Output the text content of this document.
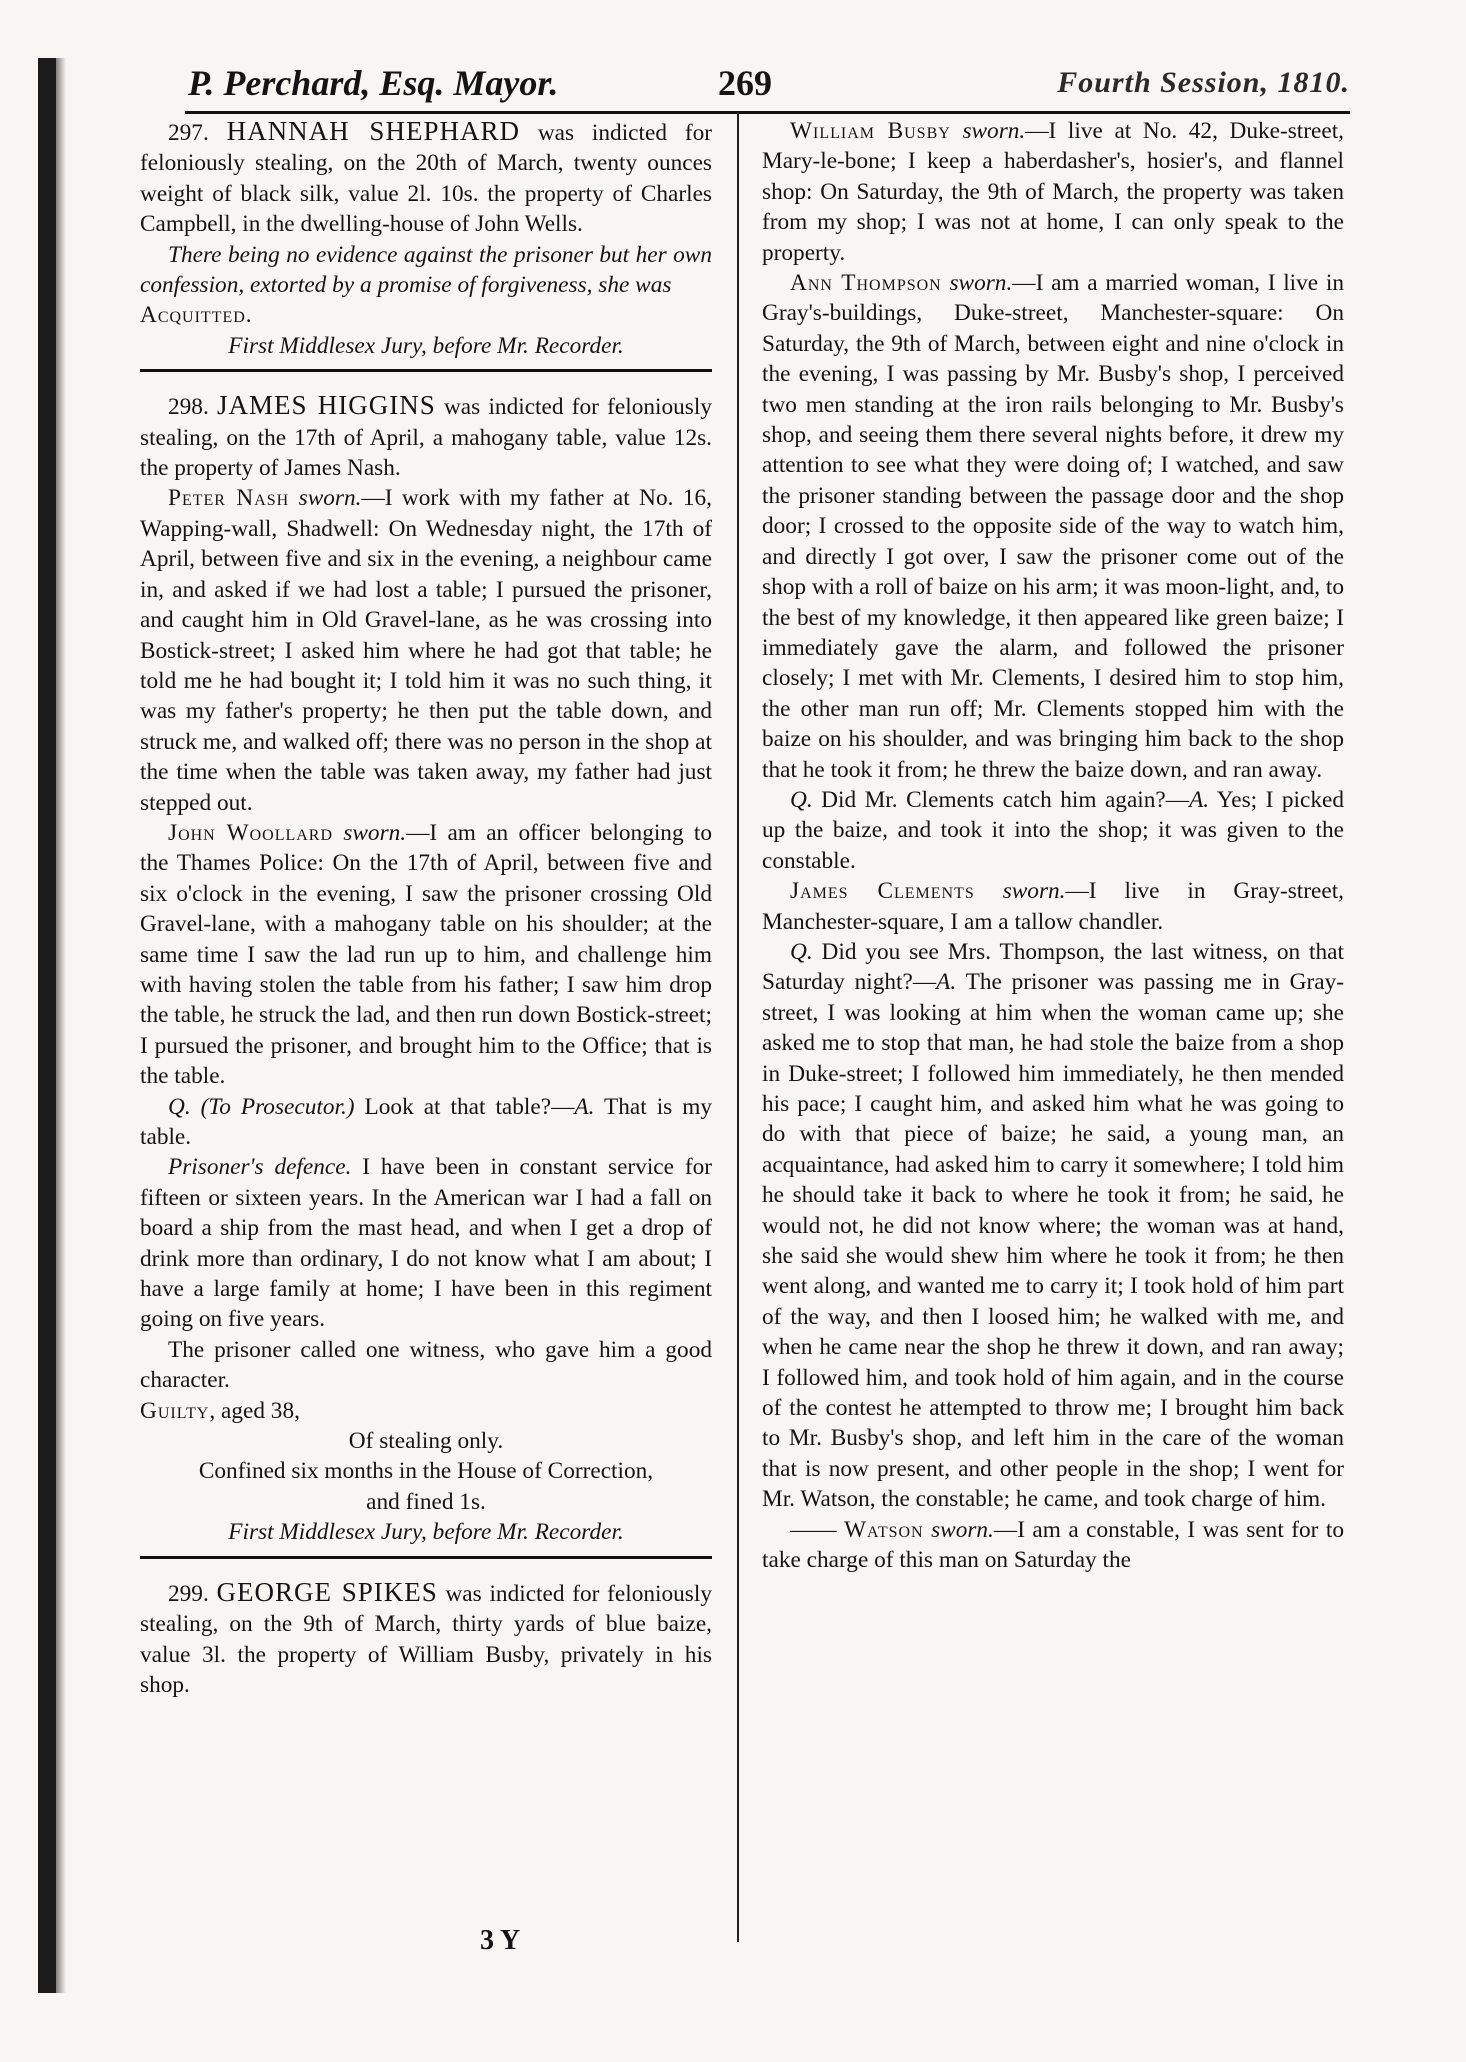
P. Perchard, Esq. Mayor.	269	Fourth Session, 1810.

297. HANNAH SHEPHARD was indicted for feloniously stealing, on the 20th of March, twenty ounces weight of black silk, value 2l. 10s. the property of Charles Campbell, in the dwelling-house of John Wells.

There being no evidence against the prisoner but her own confession, extorted by a promise of forgiveness, she was

Acquitted.

First Middlesex Jury, before Mr. Recorder.

298. JAMES HIGGINS was indicted for feloniously stealing, on the 17th of April, a mahogany table, value 12s. the property of James Nash.

Peter Nash sworn.—I work with my father at No. 16, Wapping-wall, Shadwell: On Wednesday night, the 17th of April, between five and six in the evening, a neighbour came in, and asked if we had lost a table; I pursued the prisoner, and caught him in Old Gravel-lane, as he was crossing into Bostick-street; I asked him where he had got that table; he told me he had bought it; I told him it was no such thing, it was my father's property; he then put the table down, and struck me, and walked off; there was no person in the shop at the time when the table was taken away, my father had just stepped out.

John Woollard sworn.—I am an officer belonging to the Thames Police: On the 17th of April, between five and six o'clock in the evening, I saw the prisoner crossing Old Gravel-lane, with a mahogany table on his shoulder; at the same time I saw the lad run up to him, and challenge him with having stolen the table from his father; I saw him drop the table, he struck the lad, and then run down Bostick-street; I pursued the prisoner, and brought him to the Office; that is the table.

Q. (To Prosecutor.) Look at that table?—A. That is my table.

Prisoner's defence. I have been in constant service for fifteen or sixteen years. In the American war I had a fall on board a ship from the mast head, and when I get a drop of drink more than ordinary, I do not know what I am about; I have a large family at home; I have been in this regiment going on five years.

The prisoner called one witness, who gave him a good character.

Guilty, aged 38,

Of stealing only.

Confined six months in the House of Correction,

and fined 1s.

First Middlesex Jury, before Mr. Recorder.

299. GEORGE SPIKES was indicted for feloniously stealing, on the 9th of March, thirty yards of blue baize, value 3l. the property of William Busby, privately in his shop.

3 Y

William Busby sworn.—I live at No. 42, Duke-street, Mary-le-bone; I keep a haberdasher's, hosier's, and flannel shop: On Saturday, the 9th of March, the property was taken from my shop; I was not at home, I can only speak to the property.

Ann Thompson sworn.—I am a married woman, I live in Gray's-buildings, Duke-street, Manchester-square: On Saturday, the 9th of March, between eight and nine o'clock in the evening, I was passing by Mr. Busby's shop, I perceived two men standing at the iron rails belonging to Mr. Busby's shop, and seeing them there several nights before, it drew my attention to see what they were doing of; I watched, and saw the prisoner standing between the passage door and the shop door; I crossed to the opposite side of the way to watch him, and directly I got over, I saw the prisoner come out of the shop with a roll of baize on his arm; it was moon-light, and, to the best of my knowledge, it then appeared like green baize; I immediately gave the alarm, and followed the prisoner closely; I met with Mr. Clements, I desired him to stop him, the other man run off; Mr. Clements stopped him with the baize on his shoulder, and was bringing him back to the shop that he took it from; he threw the baize down, and ran away.

Q. Did Mr. Clements catch him again?—A. Yes; I picked up the baize, and took it into the shop; it was given to the constable.

James Clements sworn.—I live in Gray-street, Manchester-square, I am a tallow chandler.

Q. Did you see Mrs. Thompson, the last witness, on that Saturday night?—A. The prisoner was passing me in Gray-street, I was looking at him when the woman came up; she asked me to stop that man, he had stole the baize from a shop in Duke-street; I followed him immediately, he then mended his pace; I caught him, and asked him what he was going to do with that piece of baize; he said, a young man, an acquaintance, had asked him to carry it somewhere; I told him he should take it back to where he took it from; he said, he would not, he did not know where; the woman was at hand, she said she would shew him where he took it from; he then went along, and wanted me to carry it; I took hold of him part of the way, and then I loosed him; he walked with me, and when he came near the shop he threw it down, and ran away; I followed him, and took hold of him again, and in the course of the contest he attempted to throw me; I brought him back to Mr. Busby's shop, and left him in the care of the woman that is now present, and other people in the shop; I went for Mr. Watson, the constable; he came, and took charge of him.

—— Watson sworn.—I am a constable, I was sent for to take charge of this man on Saturday the
